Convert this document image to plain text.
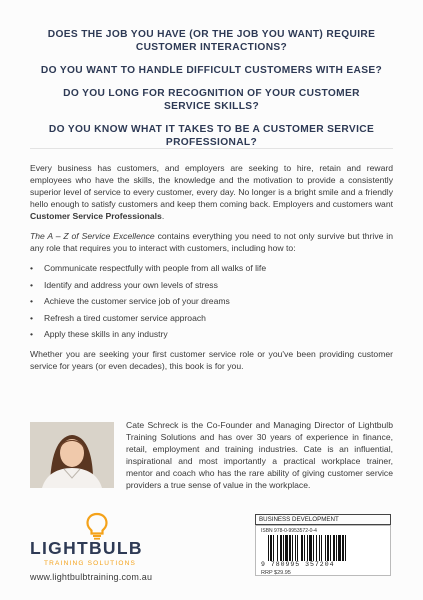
DOES THE JOB YOU HAVE (OR THE JOB YOU WANT) REQUIRE CUSTOMER INTERACTIONS?

DO YOU WANT TO HANDLE DIFFICULT CUSTOMERS WITH EASE?

DO YOU LONG FOR RECOGNITION OF YOUR CUSTOMER SERVICE SKILLS?

DO YOU KNOW WHAT IT TAKES TO BE A CUSTOMER SERVICE PROFESSIONAL?

Every business has customers, and employers are seeking to hire, retain and reward employees who have the skills, the knowledge and the motivation to provide a consistently superior level of service to every customer, every day. No longer is a bright smile and a friendly hello enough to satisfy customers and keep them coming back. Employers and customers want Customer Service Professionals.

The A – Z of Service Excellence contains everything you need to not only survive but thrive in any role that requires you to interact with customers, including how to:

• Communicate respectfully with people from all walks of life
• Identify and address your own levels of stress
• Achieve the customer service job of your dreams
• Refresh a tired customer service approach
• Apply these skills in any industry

Whether you are seeking your first customer service role or you've been providing customer service for years (or even decades), this book is for you.

Cate Schreck is the Co-Founder and Managing Director of Lightbulb Training Solutions and has over 30 years of experience in finance, retail, employment and training industries. Cate is an influential, inspirational and most importantly a practical workplace trainer, mentor and coach who has the rare ability of giving customer service providers a true sense of value in the workplace.

LIGHTBULB
TRAINING SOLUTIONS
www.lightbulbtraining.com.au
BUSINESS DEVELOPMENT
ISBN 978-0-9953572-0-4
9 780995 357204
RRP $29.95
